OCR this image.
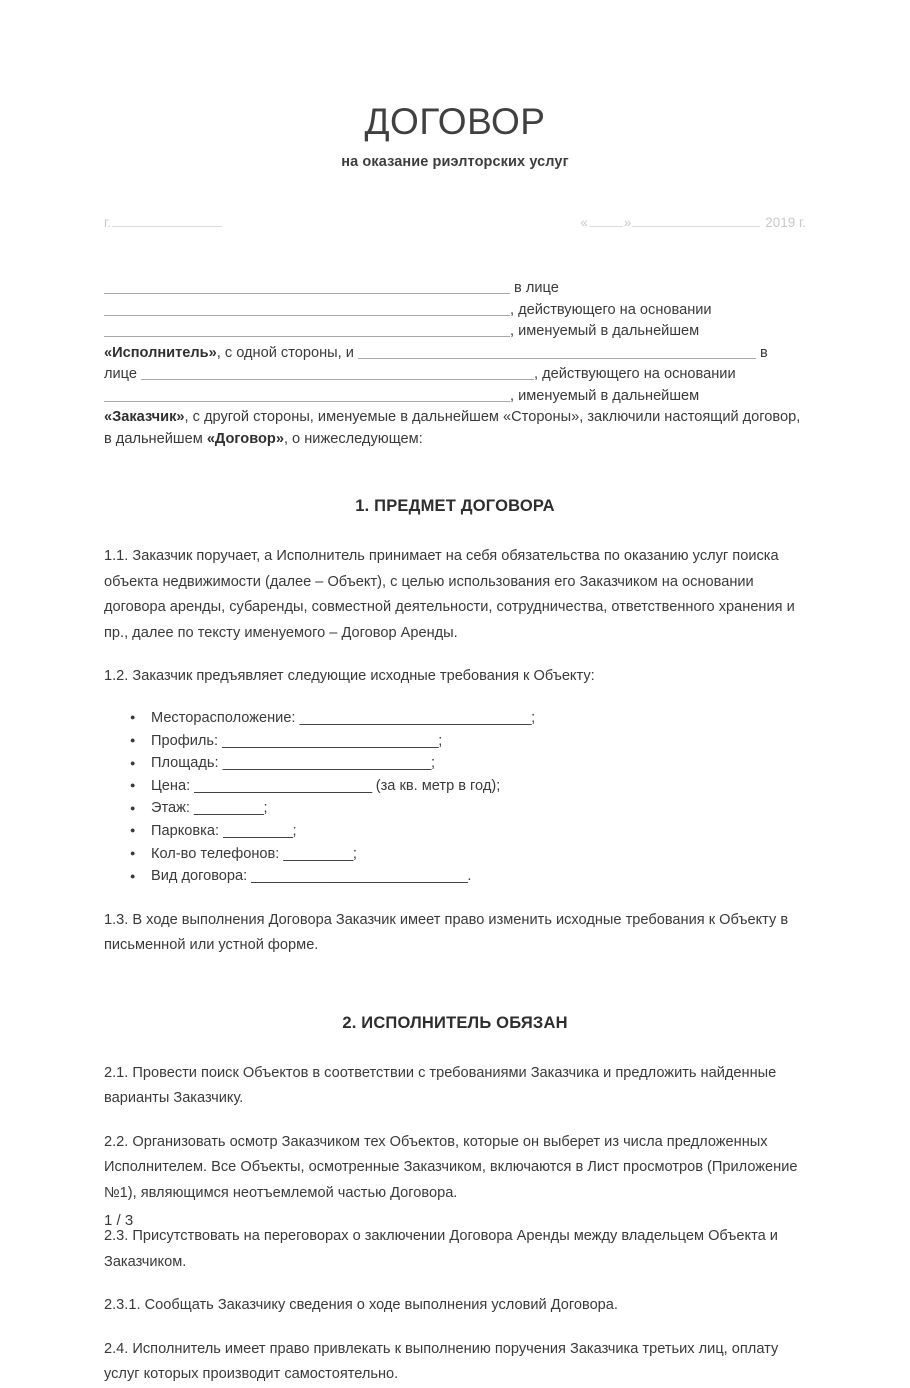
ДОГОВОР
на оказание риэлторских услуг
г.	«	»	2019 г.
в лице
, действующего на основании
, именуемый в дальнейшем
«Исполнитель», с одной стороны, и	в
лице	, действующего на основании
, именуемый в дальнейшем
«Заказчик», с другой стороны, именуемые в дальнейшем «Стороны», заключили настоящий договор, в дальнейшем «Договор», о нижеследующем:
1. ПРЕДМЕТ ДОГОВОРА

1.1. Заказчик поручает, а Исполнитель принимает на себя обязательства по оказанию услуг поиска объекта недвижимости (далее – Объект), с целью использования его Заказчиком на основании договора аренды, субаренды, совместной деятельности, сотрудничества, ответственного хранения и пр., далее по тексту именуемого – Договор Аренды.

1.2. Заказчик предъявляет следующие исходные требования к Объекту:

● Месторасположение: ______________________________;
● Профиль: ____________________________;
● Площадь: ___________________________;
● Цена: _______________________ (за кв. метр в год);
● Этаж: _________;
● Парковка: _________;
● Кол-во телефонов: _________;
● Вид договора: ____________________________.

1.3. В ходе выполнения Договора Заказчик имеет право изменить исходные требования к Объекту в письменной или устной форме.

2. ИСПОЛНИТЕЛЬ ОБЯЗАН

2.1. Провести поиск Объектов в соответствии с требованиями Заказчика и предложить найденные варианты Заказчику.

2.2. Организовать осмотр Заказчиком тех Объектов, которые он выберет из числа предложенных Исполнителем. Все Объекты, осмотренные Заказчиком, включаются в Лист просмотров (Приложение №1), являющимся неотъемлемой частью Договора.

2.3. Присутствовать на переговорах о заключении Договора Аренды между владельцем Объекта и Заказчиком.

2.3.1. Сообщать Заказчику сведения о ходе выполнения условий Договора.

2.4. Исполнитель имеет право привлекать к выполнению поручения Заказчика третьих лиц, оплату услуг которых производит самостоятельно.

1 / 3
